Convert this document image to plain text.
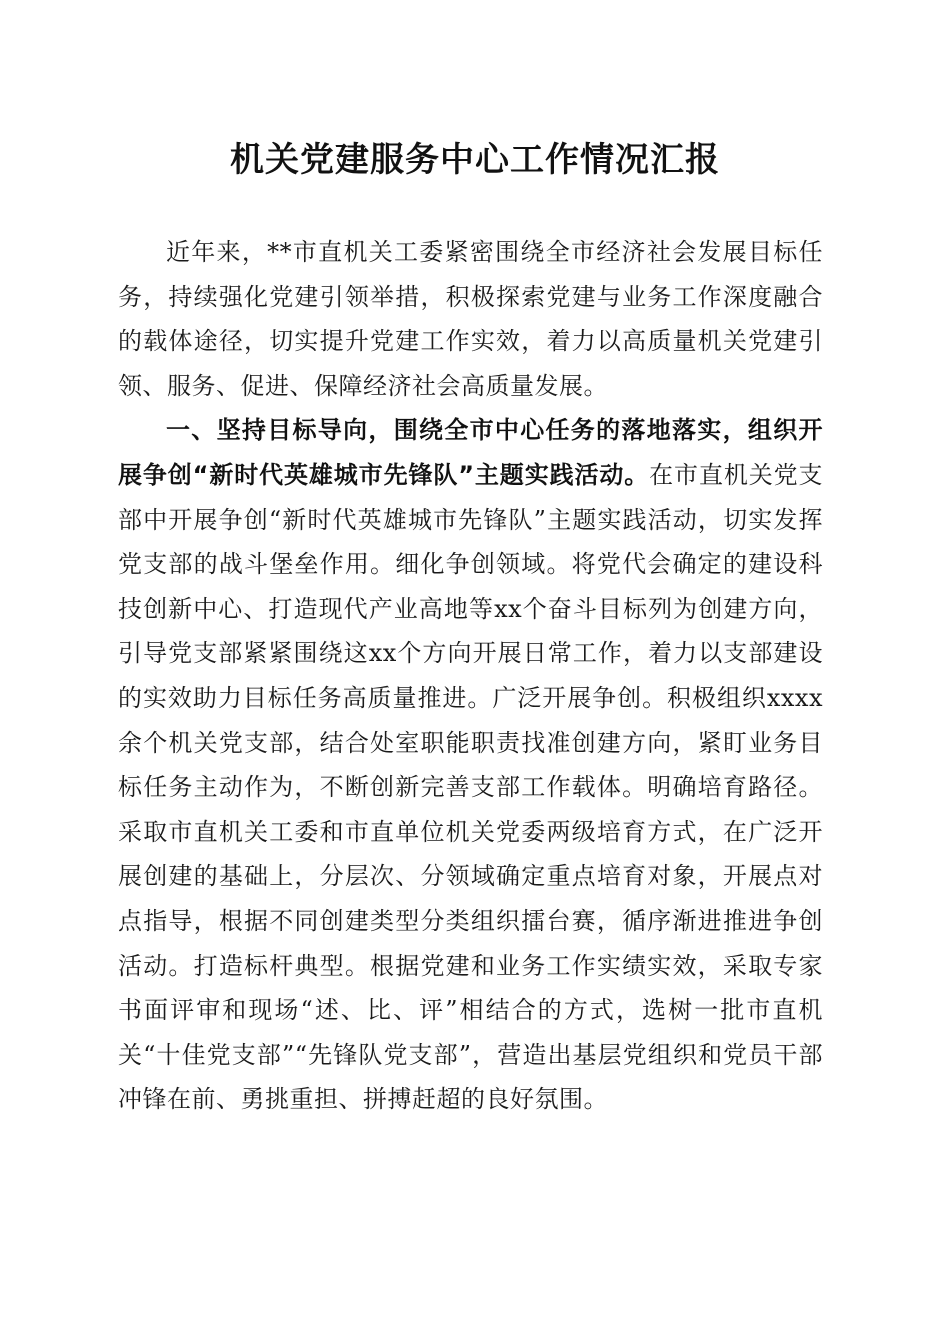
机关党建服务中心工作情况汇报

近年来，**市直机关工委紧密围绕全市经济社会发展目标任务，持续强化党建引领举措，积极探索党建与业务工作深度融合的载体途径，切实提升党建工作实效，着力以高质量机关党建引领、服务、促进、保障经济社会高质量发展。

一、坚持目标导向，围绕全市中心任务的落地落实，组织开展争创“新时代英雄城市先锋队”主题实践活动。在市直机关党支部中开展争创“新时代英雄城市先锋队”主题实践活动，切实发挥党支部的战斗堡垒作用。细化争创领域。将党代会确定的建设科技创新中心、打造现代产业高地等xx个奋斗目标列为创建方向，引导党支部紧紧围绕这xx个方向开展日常工作，着力以支部建设的实效助力目标任务高质量推进。广泛开展争创。积极组织xxxx余个机关党支部，结合处室职能职责找准创建方向，紧盯业务目标任务主动作为，不断创新完善支部工作载体。明确培育路径。采取市直机关工委和市直单位机关党委两级培育方式，在广泛开展创建的基础上，分层次、分领域确定重点培育对象，开展点对点指导，根据不同创建类型分类组织擂台赛，循序渐进推进争创活动。打造标杆典型。根据党建和业务工作实绩实效，采取专家书面评审和现场“述、比、评”相结合的方式，选树一批市直机关“十佳党支部”“先锋队党支部”，营造出基层党组织和党员干部冲锋在前、勇挑重担、拼搏赶超的良好氛围。
